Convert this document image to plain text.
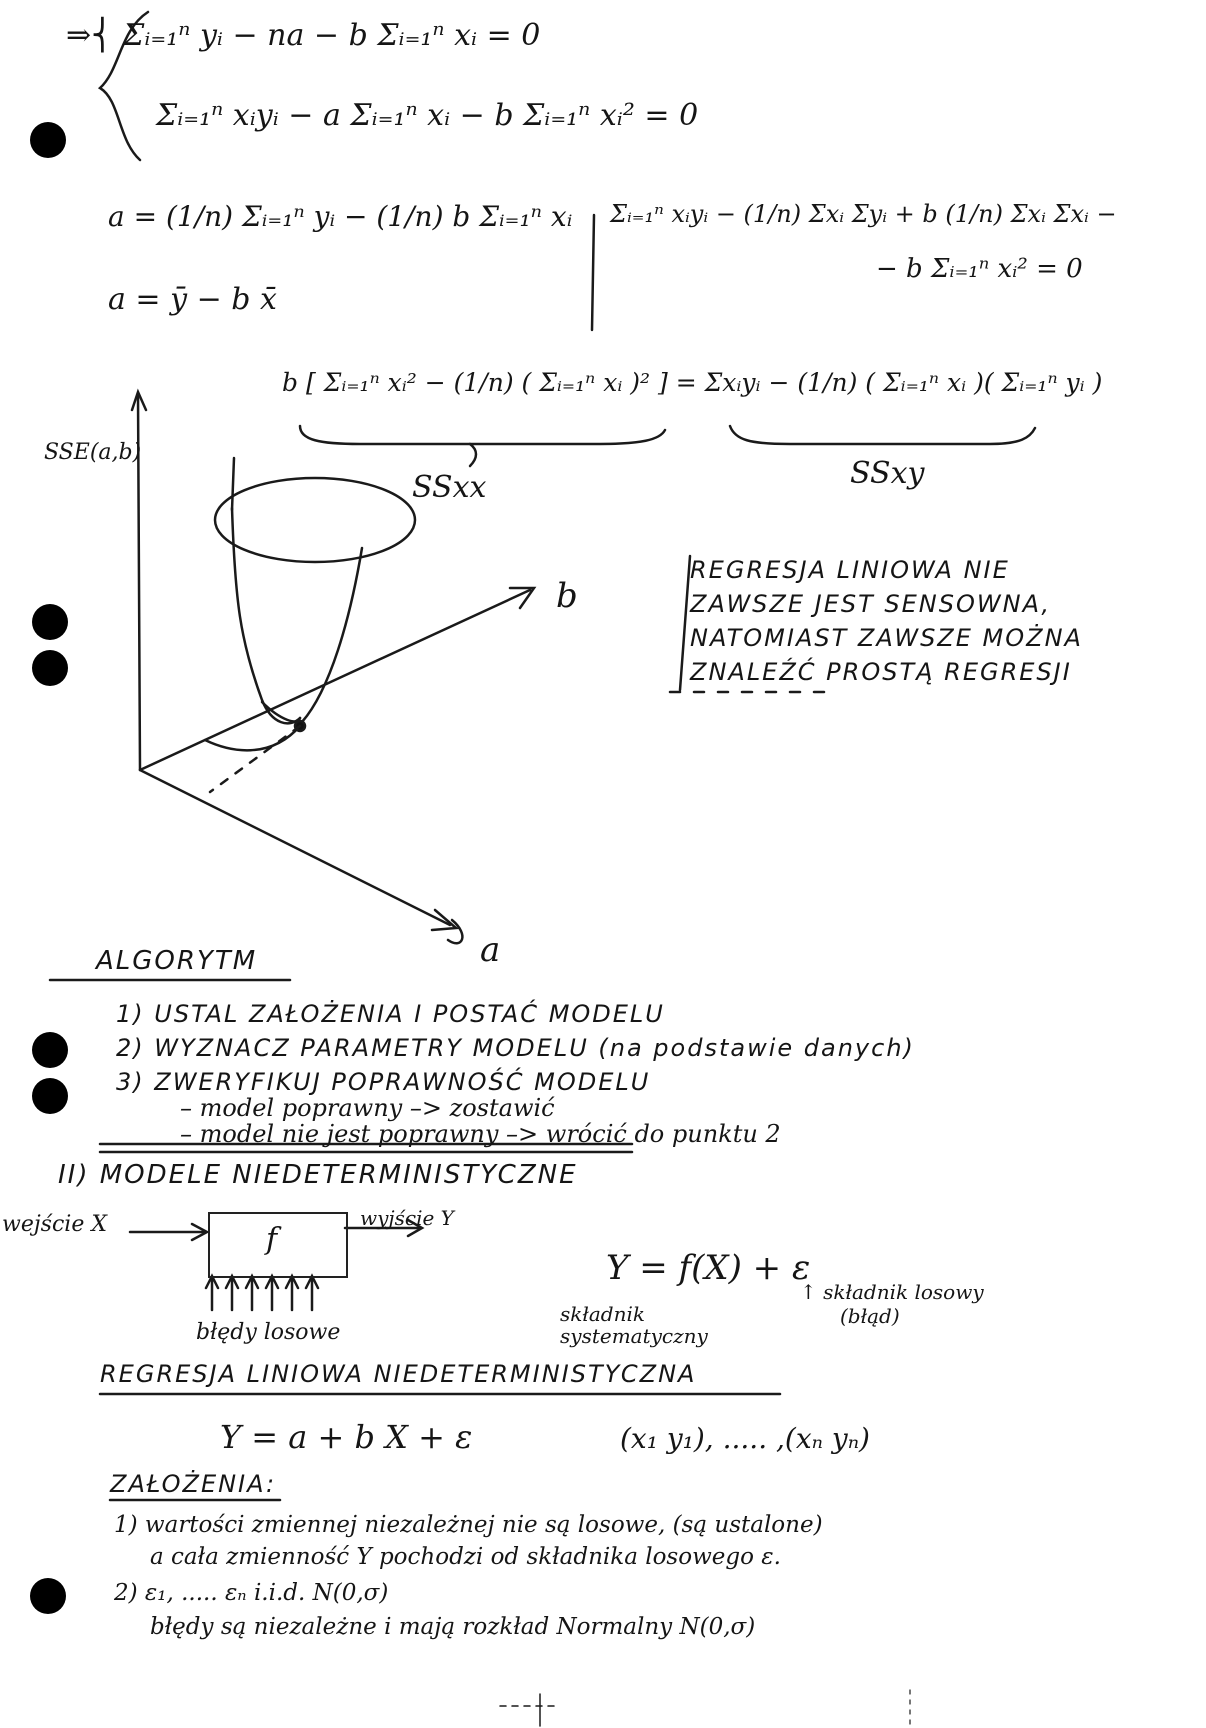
⇒⎨ Σᵢ₌₁ⁿ yᵢ − na − b Σᵢ₌₁ⁿ xᵢ = 0
Σᵢ₌₁ⁿ xᵢyᵢ − a Σᵢ₌₁ⁿ xᵢ − b Σᵢ₌₁ⁿ xᵢ² = 0
a = (1/n) Σᵢ₌₁ⁿ yᵢ − (1/n) b Σᵢ₌₁ⁿ xᵢ
a = ȳ − b x̄
Σᵢ₌₁ⁿ xᵢyᵢ − (1/n) Σxᵢ Σyᵢ + b (1/n) Σxᵢ Σxᵢ −
− b Σᵢ₌₁ⁿ xᵢ² = 0
b [ Σᵢ₌₁ⁿ xᵢ² − (1/n) ( Σᵢ₌₁ⁿ xᵢ )² ] = Σxᵢyᵢ − (1/n) ( Σᵢ₌₁ⁿ xᵢ )( Σᵢ₌₁ⁿ yᵢ )
SSxx	SSxy
SSE(a,b)
b
a
REGRESJA LINIOWA NIE
ZAWSZE JEST SENSOWNA,
NATOMIAST ZAWSZE MOŻNA
ZNALEŹĆ PROSTĄ REGRESJI
ALGORYTM
1) USTAL ZAŁOŻENIA I POSTAĆ MODELU
2) WYZNACZ PARAMETRY MODELU (na podstawie danych)
3) ZWERYFIKUJ POPRAWNOŚĆ MODELU
– model poprawny –> zostawić
– model nie jest poprawny –> wrócić do punktu 2
II) MODELE NIEDETERMINISTYCZNE
wejście X	f
wyjście Y
błędy losowe
Y = f(X) + ε
składnik
systematyczny
↑ składnik losowy
(błąd)
REGRESJA LINIOWA NIEDETERMINISTYCZNA
Y = a + b X + ε	(x₁ y₁), ..... ,(xₙ yₙ)
ZAŁOŻENIA:
1) wartości zmiennej niezależnej nie są losowe, (są ustalone)
a cała zmienność Y pochodzi od składnika losowego ε.
2) ε₁, ..... εₙ i.i.d. N(0,σ)
błędy są niezależne i mają rozkład Normalny N(0,σ)
